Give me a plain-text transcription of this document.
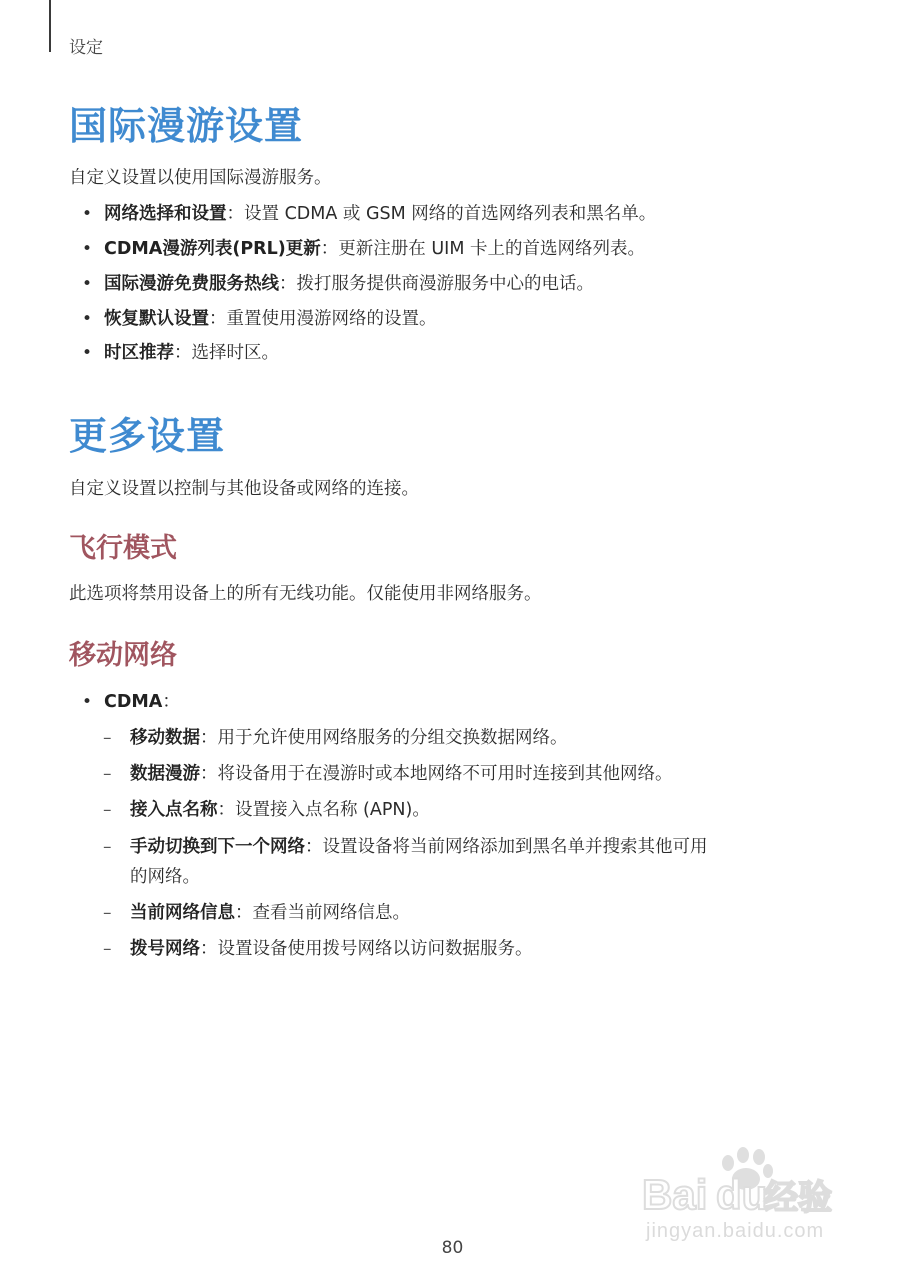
设定
国际漫游设置

自定义设置以使用国际漫游服务。

• 网络选择和设置：设置 CDMA 或 GSM 网络的首选网络列表和黑名单。
• CDMA漫游列表(PRL)更新：更新注册在 UIM 卡上的首选网络列表。
• 国际漫游免费服务热线：拨打服务提供商漫游服务中心的电话。
• 恢复默认设置：重置使用漫游网络的设置。
• 时区推荐：选择时区。
更多设置

自定义设置以控制与其他设备或网络的连接。

飞行模式

此选项将禁用设备上的所有无线功能。仅能使用非网络服务。

移动网络
• CDMA：
– 移动数据：用于允许使用网络服务的分组交换数据网络。
– 数据漫游：将设备用于在漫游时或本地网络不可用时连接到其他网络。
– 接入点名称：设置接入点名称 (APN)。
– 手动切换到下一个网络：设置设备将当前网络添加到黑名单并搜索其他可用
的网络。
– 当前网络信息：查看当前网络信息。
– 拨号网络：设置设备使用拨号网络以访问数据服务。
Bai du
经验
jingyan.baidu.com
80
